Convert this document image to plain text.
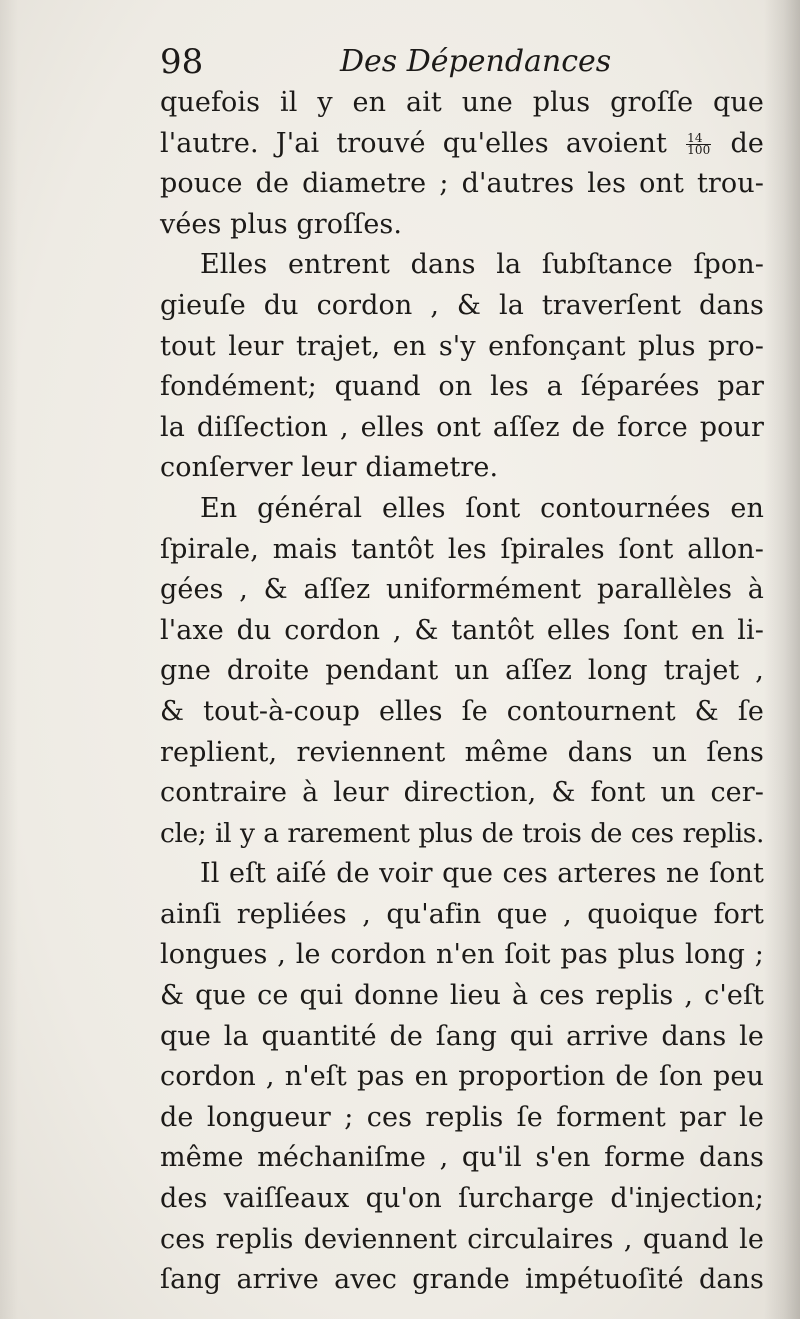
98	Des Dépendances
quefois il y en ait une plus groſſe que
l'autre. J'ai trouvé qu'elles avoient $\frac{14}{100}$ de
pouce de diametre ; d'autres les ont trou-
vées plus groſſes.
Elles entrent dans la ſubſtance ſpon-
gieuſe du cordon , & la traverſent dans
tout leur trajet, en s'y enfonçant plus pro-
fondément; quand on les a ſéparées par
la diſſection , elles ont aſſez de force pour
conſerver leur diametre.
En général elles ſont contournées en
ſpirale, mais tantôt les ſpirales ſont allon-
gées , & aſſez uniformément parallèles à
l'axe du cordon , & tantôt elles ſont en li-
gne droite pendant un aſſez long trajet ,
& tout-à-coup elles ſe contournent & ſe
replient, reviennent même dans un ſens
contraire à leur direction, & font un cer-
cle; il y a rarement plus de trois de ces replis.
Il eſt aiſé de voir que ces arteres ne ſont
ainſi repliées , qu'afin que , quoique fort
longues , le cordon n'en ſoit pas plus long ;
& que ce qui donne lieu à ces replis , c'eſt
que la quantité de ſang qui arrive dans le
cordon , n'eſt pas en proportion de ſon peu
de longueur ; ces replis ſe forment par le
même méchaniſme , qu'il s'en forme dans
des vaiſſeaux qu'on ſurcharge d'injection;
ces replis deviennent circulaires , quand le
ſang arrive avec grande impétuoſité dans
